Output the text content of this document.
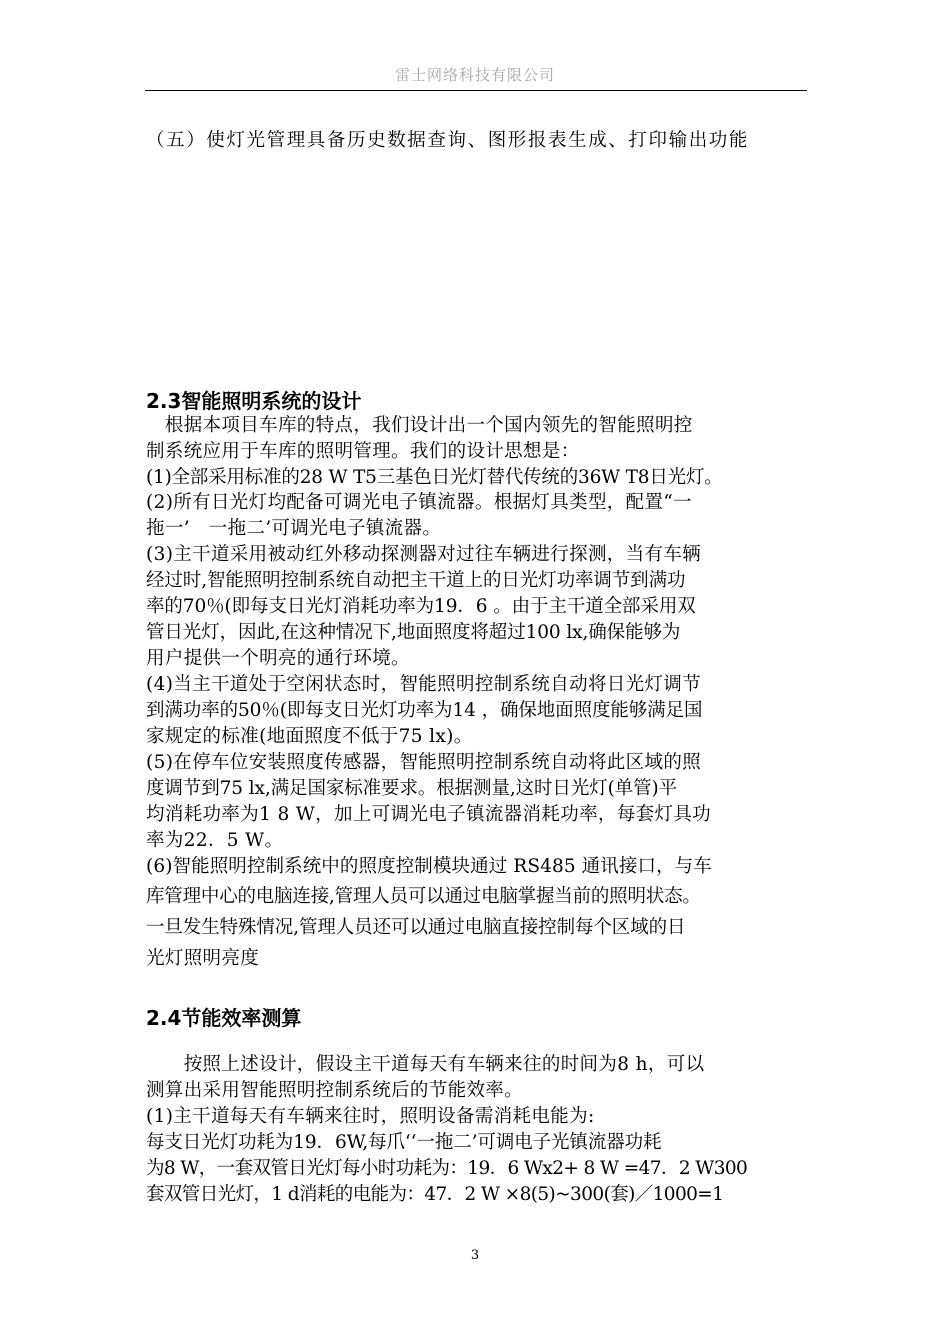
雷士网络科技有限公司
（五）使灯光管理具备历史数据查询、图形报表生成、打印输出功能
2.3智能照明系统的设计
　根据本项目车库的特点，我们设计出一个国内领先的智能照明控
制系统应用于车库的照明管理。我们的设计思想是：
(1)全部采用标准的28 W T5三基色日光灯替代传统的36W T8日光灯。
(2)所有日光灯均配备可调光电子镇流器。根据灯具类型，配置“一
拖一’　一拖二’可调光电子镇流器。
(3)主干道采用被动红外移动探测器对过往车辆进行探测，当有车辆
经过时,智能照明控制系统自动把主干道上的日光灯功率调节到满功
率的70％(即每支日光灯消耗功率为19．6 。由于主干道全部采用双
管日光灯，因此,在这种情况下,地面照度将超过100 lx,确保能够为
用户提供一个明亮的通行环境。
(4)当主干道处于空闲状态时，智能照明控制系统自动将日光灯调节
到满功率的50％(即每支日光灯功率为14 ，确保地面照度能够满足国
家规定的标准(地面照度不低于75 lx)。
(5)在停车位安装照度传感器，智能照明控制系统自动将此区域的照
度调节到75 lx,满足国家标准要求。根据测量,这时日光灯(单管)平
均消耗功率为1 8 W，加上可调光电子镇流器消耗功率，每套灯具功
率为22．5 W。
(6)智能照明控制系统中的照度控制模块通过 RS485 通讯接口，与车
库管理中心的电脑连接,管理人员可以通过电脑掌握当前的照明状态。
一旦发生特殊情况,管理人员还可以通过电脑直接控制每个区域的日
光灯照明亮度
2.4节能效率测算
　　按照上述设计，假设主干道每天有车辆来往的时间为8 h，可以
测算出采用智能照明控制系统后的节能效率。
(1)主干道每天有车辆来往时，照明设备需消耗电能为:
每支日光灯功耗为19．6W,每爪‘‘一拖二’可调电子光镇流器功耗
为8 W，一套双管日光灯每小时功耗为：19．6 Wx2+ 8 W =47．2 W300
套双管日光灯，1 d消耗的电能为：47．2 W ×8(5)~300(套)／1000=1
3
